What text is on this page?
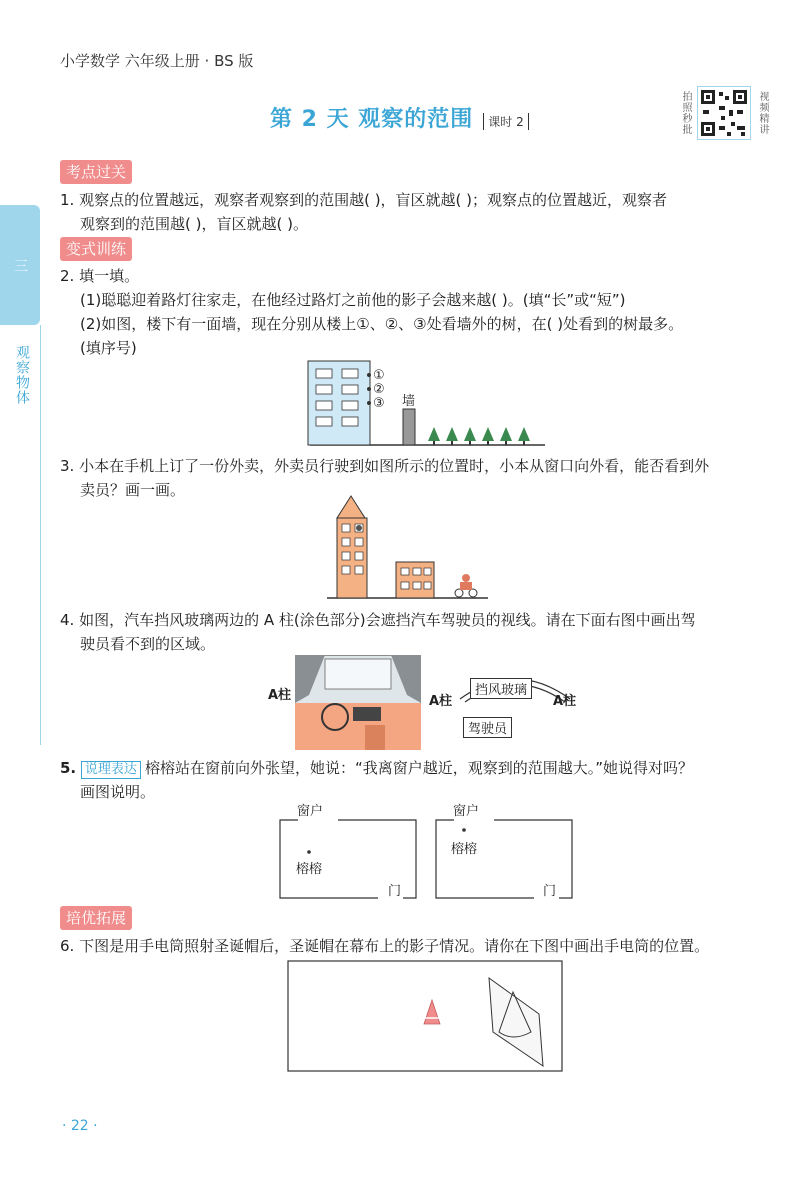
小学数学 六年级上册 · BS 版
第 2 天 观察的范围	课时 2	拍照秒批	视频精讲
三
观察物体
考点过关
1. 观察点的位置越远，观察者观察到的范围越( )，盲区就越( )；观察点的位置越近，观察者
观察到的范围越( )，盲区就越( )。
变式训练
2. 填一填。
(1)聪聪迎着路灯往家走，在他经过路灯之前他的影子会越来越( )。(填“长”或“短”)
(2)如图，楼下有一面墙，现在分别从楼上①、②、③处看墙外的树，在( )处看到的树最多。
(填序号)
①
②
③ 墙
3. 小本在手机上订了一份外卖，外卖员行驶到如图所示的位置时，小本从窗口向外看，能否看到外
卖员？画一画。
4. 如图，汽车挡风玻璃两边的 A 柱(涂色部分)会遮挡汽车驾驶员的视线。请在下面右图中画出驾
驶员看不到的区域。
A柱	A柱
挡风玻璃
A柱
驾驶员
5. 说理表达 榕榕站在窗前向外张望，她说：“我离窗户越近，观察到的范围越大。”她说得对吗？
画图说明。
窗户
榕榕
门
窗户
榕榕
门
培优拓展
6. 下图是用手电筒照射圣诞帽后，圣诞帽在幕布上的影子情况。请你在下图中画出手电筒的位置。
· 22 ·
